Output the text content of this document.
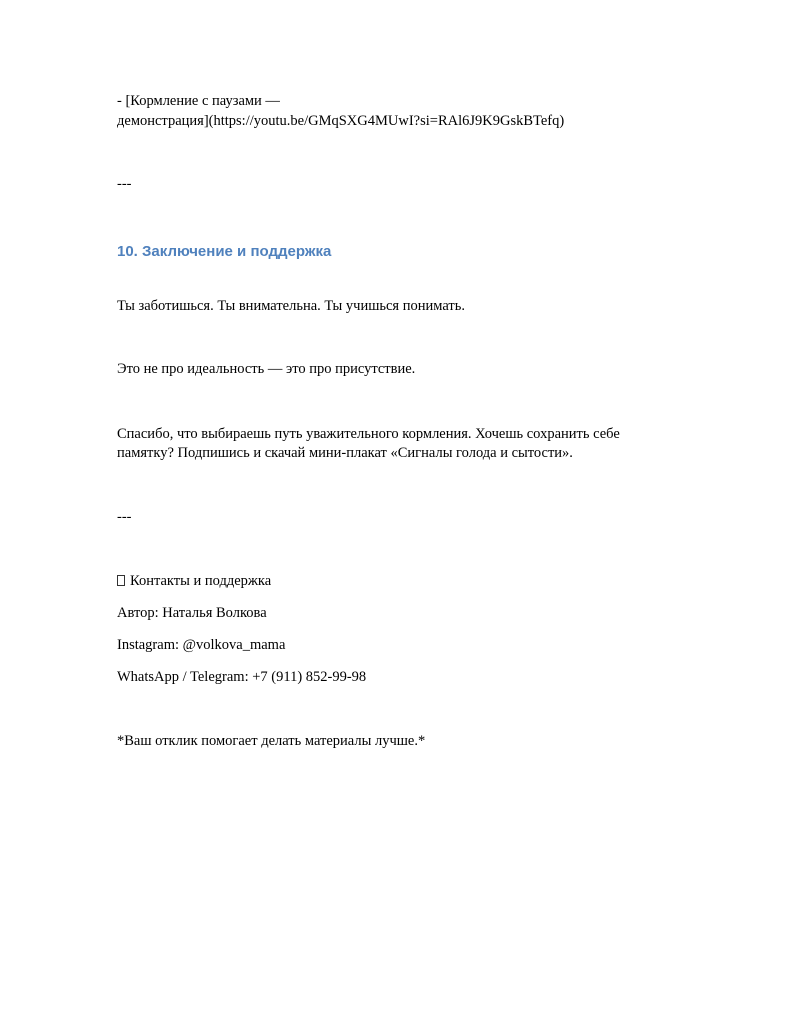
- [Кормление с паузами —
демонстрация](https://youtu.be/GMqSXG4MUwI?si=RAl6J9K9GskBTefq)
---
10. Заключение и поддержка
Ты заботишься. Ты внимательна. Ты учишься понимать.
Это не про идеальность — это про присутствие.
Спасибо, что выбираешь путь уважительного кормления. Хочешь сохранить себе
памятку? Подпишись и скачай мини-плакат «Сигналы голода и сытости».
---
Контакты и поддержка
Автор: Наталья Волкова
Instagram: @volkova_mama
WhatsApp / Telegram: +7 (911) 852-99-98
*Ваш отклик помогает делать материалы лучше.*
